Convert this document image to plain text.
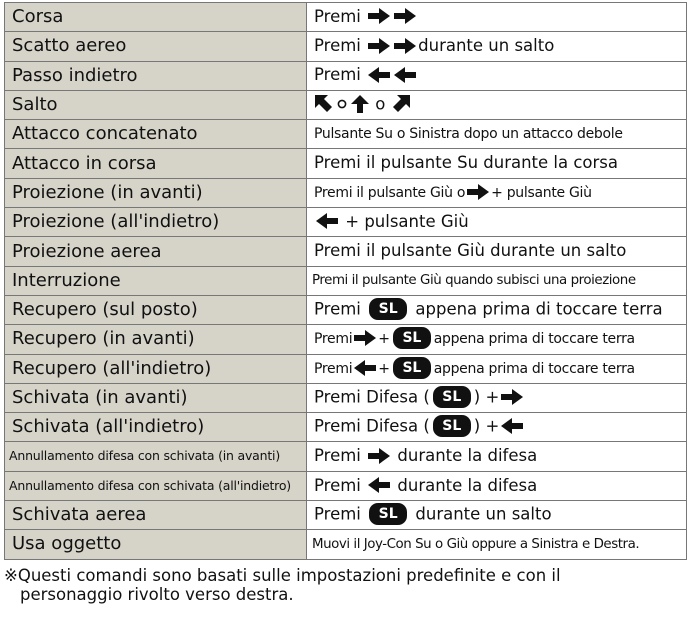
Corsa	Premi
Scatto aereo	Premi durante un salto
Passo indietro	Premi
Salto	o
Attacco concatenato	Pulsante Su o Sinistra dopo un attacco debole
Attacco in corsa	Premi il pulsante Su durante la corsa
Proiezione (in avanti)	Premi il pulsante Giù o + pulsante Giù
Proiezione (all'indietro)	+ pulsante Giù
Proiezione aerea	Premi il pulsante Giù durante un salto
Interruzione	Premi il pulsante Giù quando subisci una proiezione
Recupero (sul posto)	Premi SL appena prima di toccare terra
Recupero (in avanti)	Premi + SL appena prima di toccare terra
Recupero (all'indietro)	Premi + SL appena prima di toccare terra
Schivata (in avanti)	Premi Difesa ( SL ) +
Schivata (all'indietro)	Premi Difesa ( SL ) +
Annullamento difesa con schivata (in avanti)	Premi durante la difesa
Annullamento difesa con schivata (all'indietro)	Premi durante la difesa
Schivata aerea	Premi SL durante un salto
Usa oggetto	Muovi il Joy-Con Su o Giù oppure a Sinistra e Destra.
※Questi comandi sono basati sulle impostazioni predefinite e con il
personaggio rivolto verso destra.
